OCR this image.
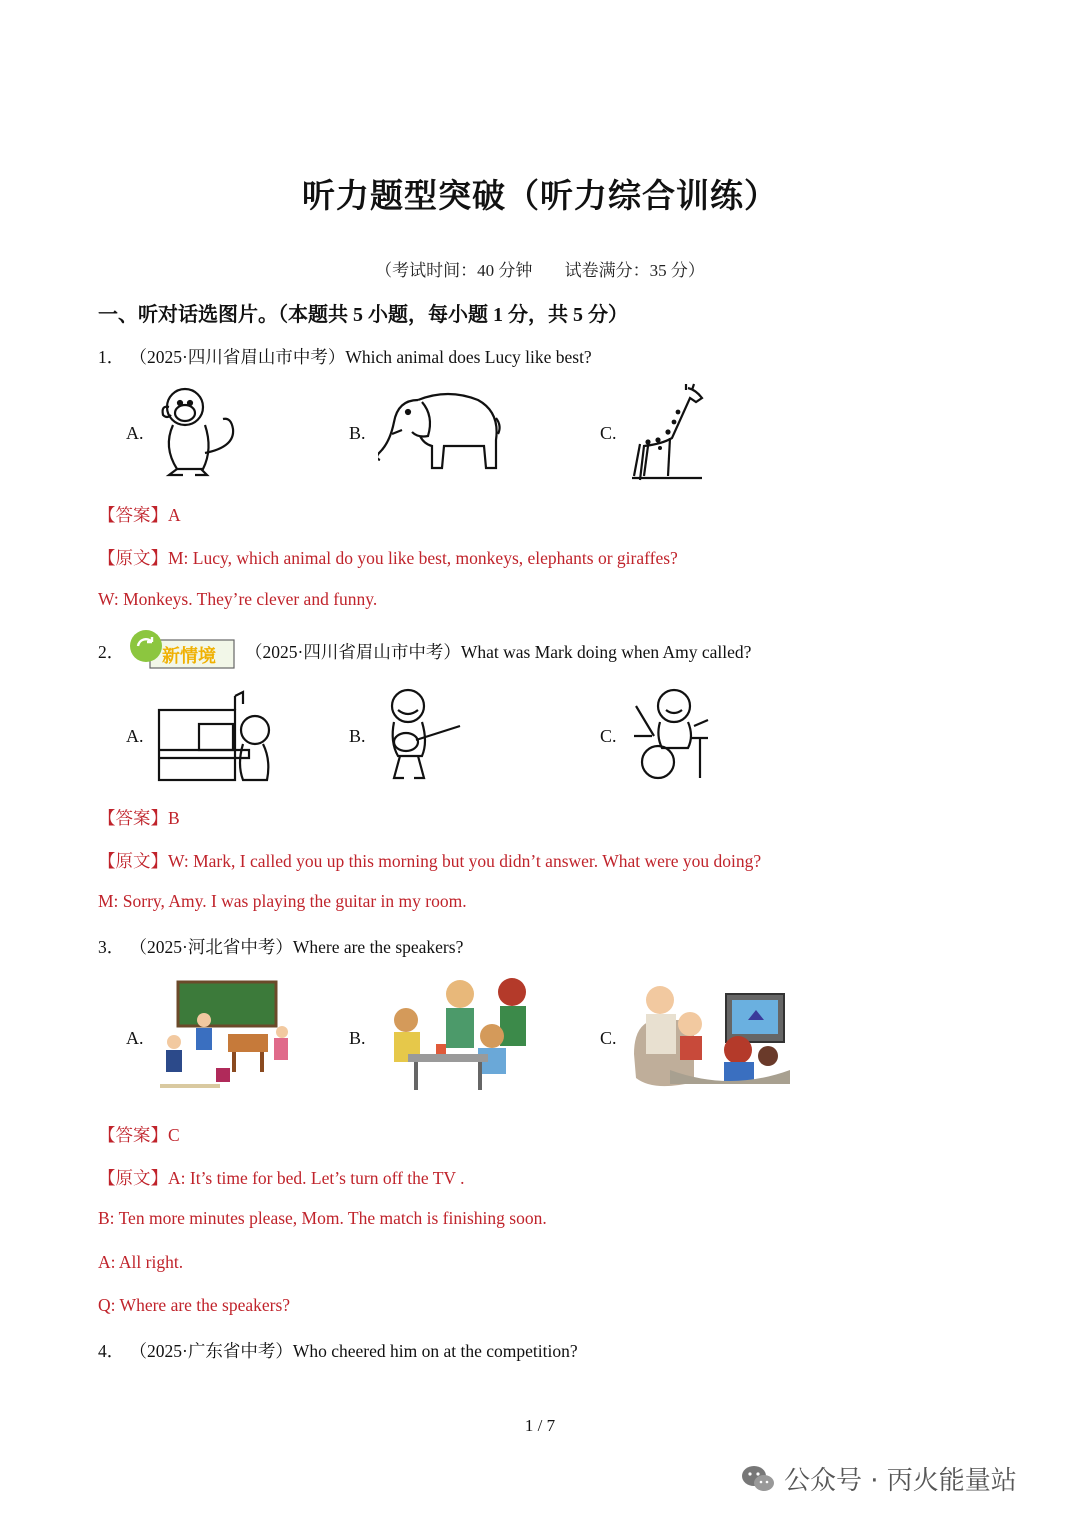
听力题型突破（听力综合训练）
（考试时间：40 分钟 试卷满分：35 分）
一、听对话选图片。（本题共 5 小题，每小题 1 分，共 5 分）
1． （2025·四川省眉山市中考）Which animal does Lucy like best?
A.	B.	C.
【答案】A
【原文】M: Lucy, which animal do you like best, monkeys, elephants or giraffes?
W: Monkeys. They’re clever and funny.
2． 新情境 （2025·四川省眉山市中考）What was Mark doing when Amy called?
A.	B.	C.
【答案】B
【原文】W: Mark, I called you up this morning but you didn’t answer. What were you doing?
M: Sorry, Amy. I was playing the guitar in my room.
3． （2025·河北省中考）Where are the speakers?
A.	B.	C.
【答案】C
【原文】A: It’s time for bed. Let’s turn off the TV .
B: Ten more minutes please, Mom. The match is finishing soon.
A: All right.
Q: Where are the speakers?
4． （2025·广东省中考）Who cheered him on at the competition?
1 / 7
公众号 · 丙火能量站
